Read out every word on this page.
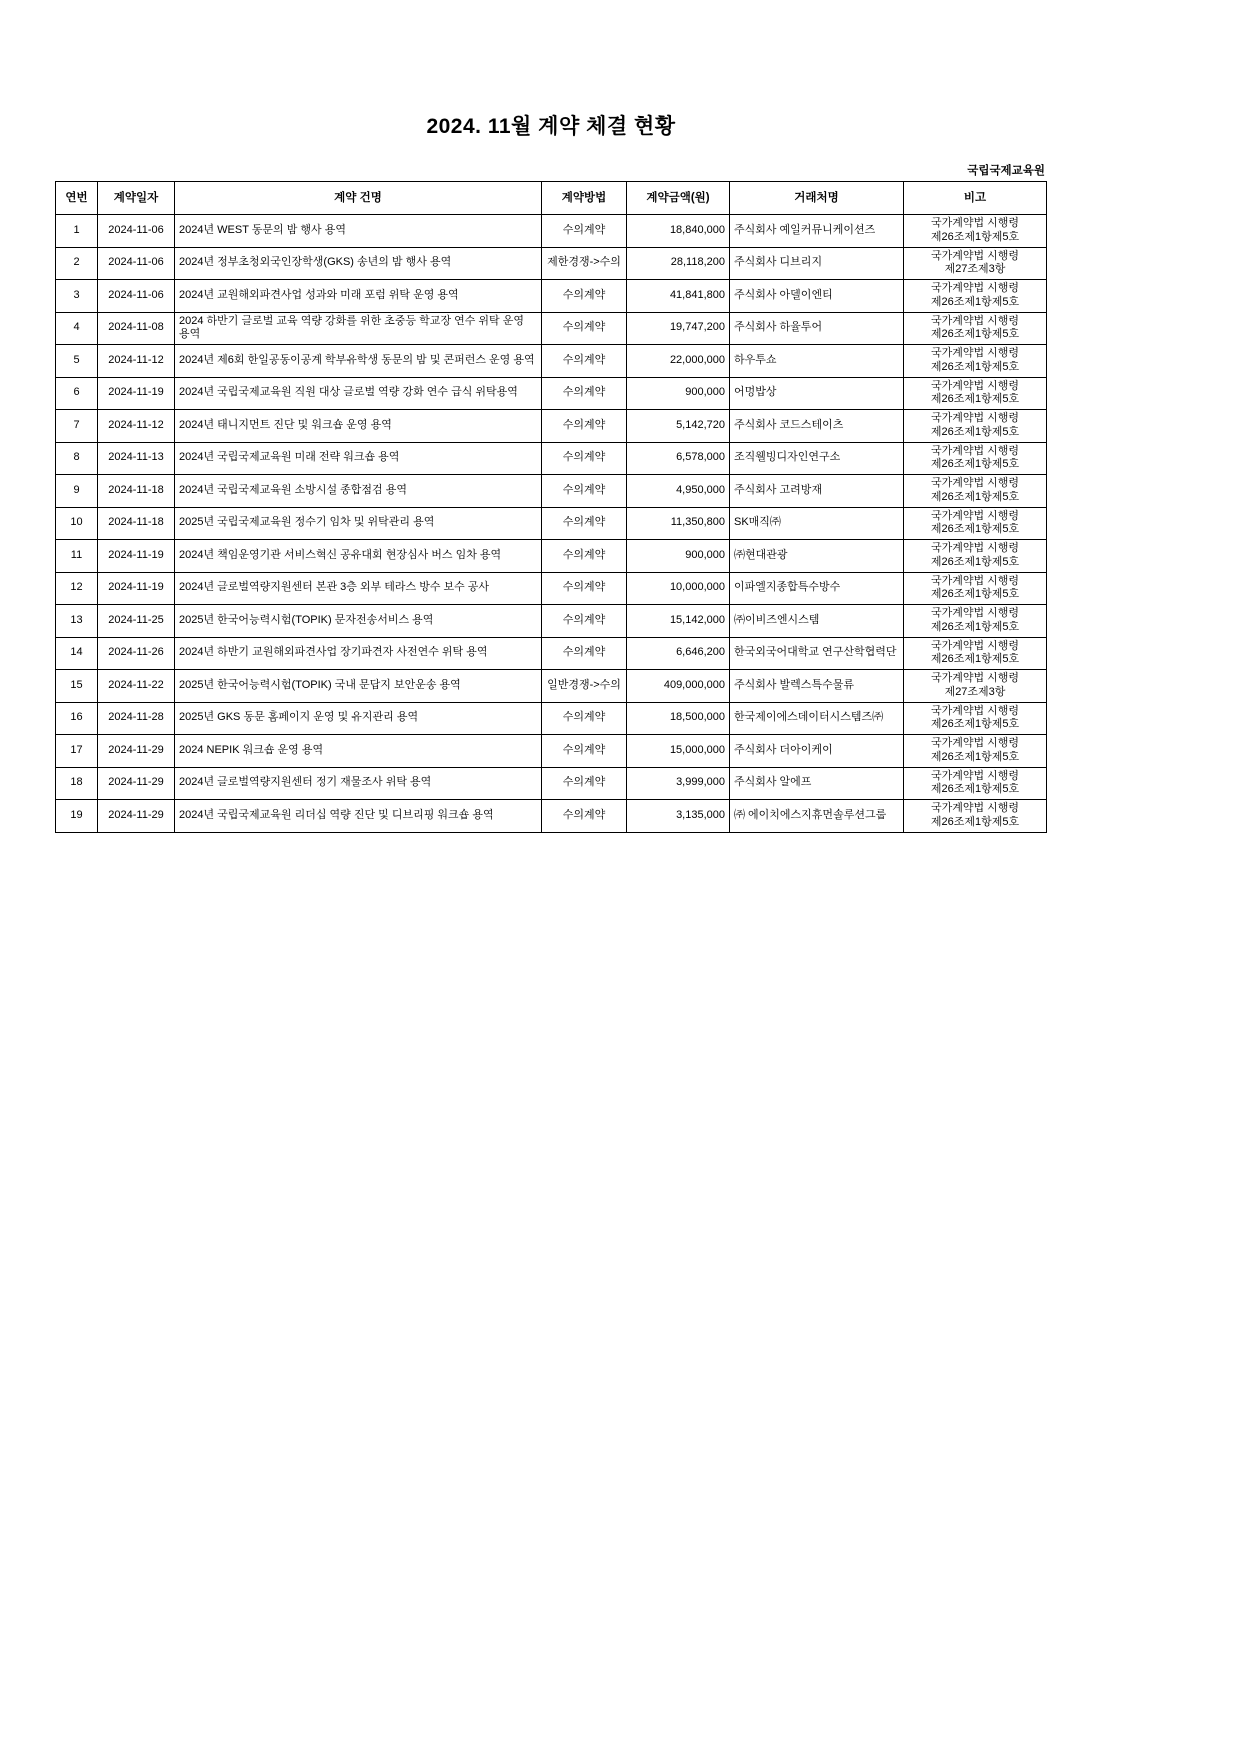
2024. 11월 계약 체결 현황
국립국제교육원
연번	계약일자	계약 건명	계약방법	계약금액(원)	거래처명	비고
1	2024-11-06	2024년 WEST 동문의 밤 행사 용역	수의계약	18,840,000	주식회사 예일커뮤니케이션즈	국가계약법 시행령 제26조제1항제5호
2	2024-11-06	2024년 정부초청외국인장학생(GKS) 송년의 밤 행사 용역	제한경쟁->수의	28,118,200	주식회사 디브리지	국가계약법 시행령 제27조제3항
3	2024-11-06	2024년 교원해외파견사업 성과와 미래 포럼 위탁 운영 용역	수의계약	41,841,800	주식회사 아델이엔티	국가계약법 시행령 제26조제1항제5호
4	2024-11-08	2024 하반기 글로벌 교육 역량 강화를 위한 초중등 학교장 연수 위탁 운영 용역	수의계약	19,747,200	주식회사 하율투어	국가계약법 시행령 제26조제1항제5호
5	2024-11-12	2024년 제6회 한일공동이공계 학부유학생 동문의 밤 및 콘퍼런스 운영 용역	수의계약	22,000,000	하우투쇼	국가계약법 시행령 제26조제1항제5호
6	2024-11-19	2024년 국립국제교육원 직원 대상 글로벌 역량 강화 연수 급식 위탁용역	수의계약	900,000	어멍밥상	국가계약법 시행령 제26조제1항제5호
7	2024-11-12	2024년 태니지먼트 진단 및 워크숍 운영 용역	수의계약	5,142,720	주식회사 코드스테이츠	국가계약법 시행령 제26조제1항제5호
8	2024-11-13	2024년 국립국제교육원 미래 전략 워크숍 용역	수의계약	6,578,000	조직웰빙디자인연구소	국가계약법 시행령 제26조제1항제5호
9	2024-11-18	2024년 국립국제교육원 소방시설 종합점검 용역	수의계약	4,950,000	주식회사 고려방재	국가계약법 시행령 제26조제1항제5호
10	2024-11-18	2025년 국립국제교육원 정수기 임차 및 위탁관리 용역	수의계약	11,350,800	SK매직㈜	국가계약법 시행령 제26조제1항제5호
11	2024-11-19	2024년 책임운영기관 서비스혁신 공유대회 현장심사 버스 임차 용역	수의계약	900,000	㈜현대관광	국가계약법 시행령 제26조제1항제5호
12	2024-11-19	2024년 글로벌역량지원센터 본관 3층 외부 테라스 방수 보수 공사	수의계약	10,000,000	이파엘지종합특수방수	국가계약법 시행령 제26조제1항제5호
13	2024-11-25	2025년 한국어능력시험(TOPIK) 문자전송서비스 용역	수의계약	15,142,000	㈜이비즈엔시스템	국가계약법 시행령 제26조제1항제5호
14	2024-11-26	2024년 하반기 교원해외파견사업 장기파견자 사전연수 위탁 용역	수의계약	6,646,200	한국외국어대학교 연구산학협력단	국가계약법 시행령 제26조제1항제5호
15	2024-11-22	2025년 한국어능력시험(TOPIK) 국내 문답지 보안운송 용역	일반경쟁->수의	409,000,000	주식회사 발렉스특수물류	국가계약법 시행령 제27조제3항
16	2024-11-28	2025년 GKS 동문 홈페이지 운영 및 유지관리 용역	수의계약	18,500,000	한국제이에스데이터시스템즈㈜	국가계약법 시행령 제26조제1항제5호
17	2024-11-29	2024 NEPIK 워크숍 운영 용역	수의계약	15,000,000	주식회사 더아이케이	국가계약법 시행령 제26조제1항제5호
18	2024-11-29	2024년 글로벌역량지원센터 정기 재물조사 위탁 용역	수의계약	3,999,000	주식회사 알에프	국가계약법 시행령 제26조제1항제5호
19	2024-11-29	2024년 국립국제교육원 리더십 역량 진단 및 디브리핑 워크숍 용역	수의계약	3,135,000	㈜ 에이치에스지휴먼솔루션그룹	국가계약법 시행령 제26조제1항제5호
